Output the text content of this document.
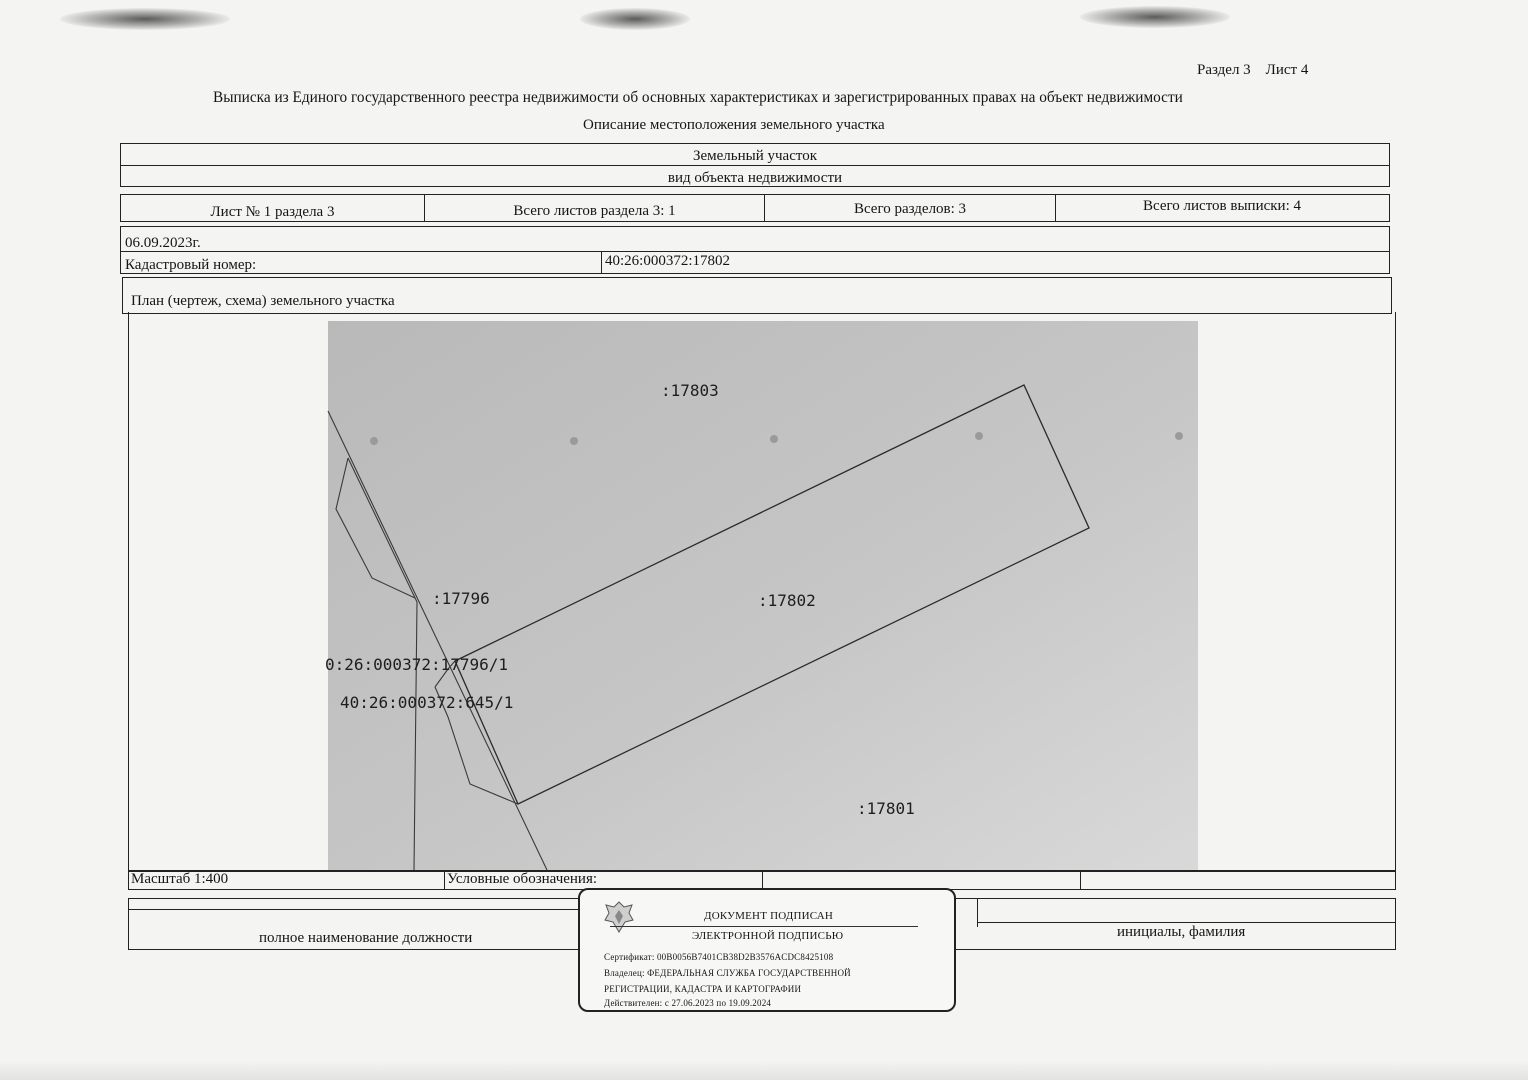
Раздел 3    Лист 4
Выписка из Единого государственного реестра недвижимости об основных характеристиках и зарегистрированных правах на объект недвижимости
Описание местоположения земельного участка
Земельный участок
вид объекта недвижимости
Лист № 1 раздела 3	Всего листов раздела 3: 1	Всего разделов: 3	Всего листов выписки: 4
06.09.2023г.
Кадастровый номер:	40:26:000372:17802
План (чертеж, схема) земельного участка
:17803
:17796	:17802
:17801
0:26:000372:17796/1
40:26:000372:645/1
Масштаб 1:400	Условные обозначения:
полное наименование должности	инициалы, фамилия
ДОКУМЕНТ ПОДПИСАН
ЭЛЕКТРОННОЙ ПОДПИСЬЮ
Сертификат: 00B0056B7401CB38D2B3576ACDC8425108
Владелец: ФЕДЕРАЛЬНАЯ СЛУЖБА ГОСУДАРСТВЕННОЙ
РЕГИСТРАЦИИ, КАДАСТРА И КАРТОГРАФИИ
Действителен: с 27.06.2023 по 19.09.2024
